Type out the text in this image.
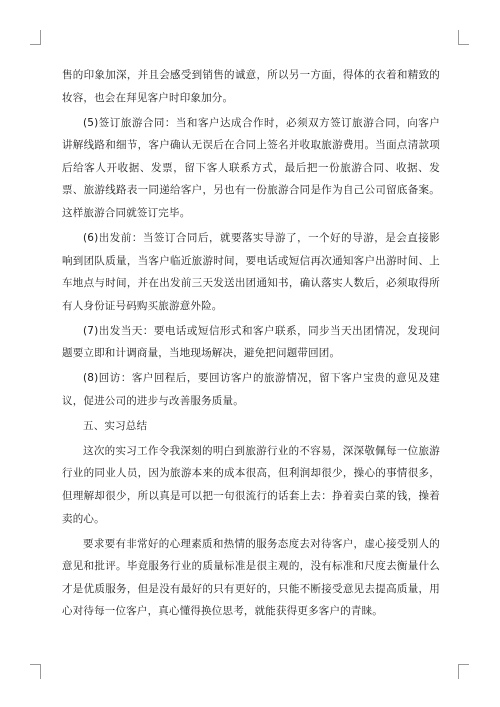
售的印象加深，并且会感受到销售的诚意，所以另一方面，得体的衣着和精致的妆容，也会在拜见客户时印象加分。

(5)签订旅游合同：当和客户达成合作时，必须双方签订旅游合同，向客户讲解线路和细节，客户确认无误后在合同上签名并收取旅游费用。当面点清款项后给客人开收据、发票，留下客人联系方式，最后把一份旅游合同、收据、发票、旅游线路表一同递给客户，另也有一份旅游合同是作为自己公司留底备案。这样旅游合同就签订完毕。

(6)出发前：当签订合同后，就要落实导游了，一个好的导游，是会直接影响到团队质量，当客户临近旅游时间，要电话或短信再次通知客户出游时间、上车地点与时间，并在出发前三天发送出团通知书，确认落实人数后，必须取得所有人身份证号码购买旅游意外险。

(7)出发当天：要电话或短信形式和客户联系，同步当天出团情况，发现问题要立即和计调商量，当地现场解决，避免把问题带回团。

(8)回访：客户回程后，要回访客户的旅游情况，留下客户宝贵的意见及建议，促进公司的进步与改善服务质量。

五、实习总结

这次的实习工作令我深刻的明白到旅游行业的不容易，深深敬佩每一位旅游行业的同业人员，因为旅游本来的成本很高，但利润却很少，操心的事情很多，但理解却很少，所以真是可以把一句很流行的话套上去：挣着卖白菜的钱，操着卖的心。

要求要有非常好的心理素质和热情的服务态度去对待客户，虚心接受别人的意见和批评。毕竟服务行业的质量标准是很主观的，没有标准和尺度去衡量什么才是优质服务，但是没有最好的只有更好的，只能不断接受意见去提高质量，用心对待每一位客户，真心懂得换位思考，就能获得更多客户的青睐。
